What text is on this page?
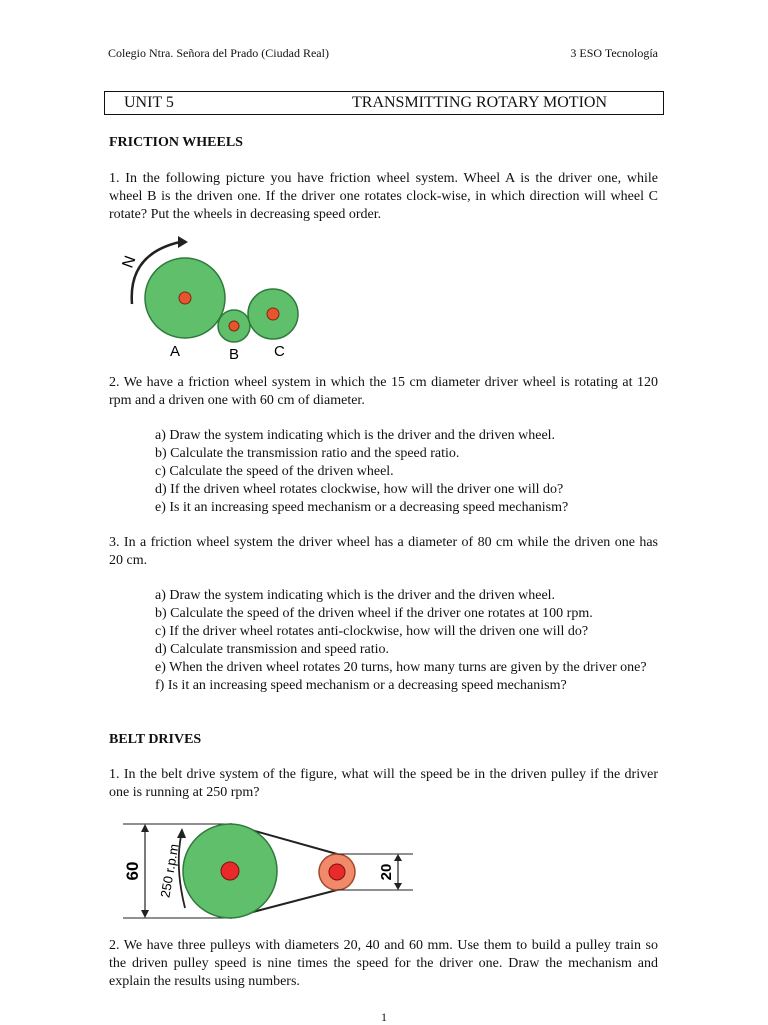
Colegio Ntra. Señora del Prado (Ciudad Real)	3 ESO Tecnología
UNIT 5	TRANSMITTING ROTARY MOTION
FRICTION WHEELS

1. In the following picture you have friction wheel system. Wheel A is the driver one, while wheel B is the driven one. If the driver one rotates clock-wise, in which direction will wheel C rotate? Put the wheels in decreasing speed order.

N
A	B C

2. We have a friction wheel system in which the 15 cm diameter driver wheel is rotating at 120 rpm and a driven one with 60 cm of diameter.

a) Draw the system indicating which is the driver and the driven wheel.
b) Calculate the transmission ratio and the speed ratio.
c) Calculate the speed of the driven wheel.
d) If the driven wheel rotates clockwise, how will the driver one will do?
e) Is it an increasing speed mechanism or a decreasing speed mechanism?

3. In a friction wheel system the driver wheel has a diameter of 80 cm while the driven one has 20 cm.

a) Draw the system indicating which is the driver and the driven wheel.
b) Calculate the speed of the driven wheel if the driver one rotates at 100 rpm.
c) If the driver wheel rotates anti-clockwise, how will the driven one will do?
d) Calculate transmission and speed ratio.
e) When the driven wheel rotates 20 turns, how many turns are given by the driver one?
f) Is it an increasing speed mechanism or a decreasing speed mechanism?
BELT DRIVES

1. In the belt drive system of the figure, what will the speed be in the driven pulley if the driver one is running at 250 rpm?

60 250 r.p.m	20

2. We have three pulleys with diameters 20, 40 and 60 mm. Use them to build a pulley train so the driven pulley speed is nine times the speed for the driver one. Draw the mechanism and explain the results using numbers.

1
